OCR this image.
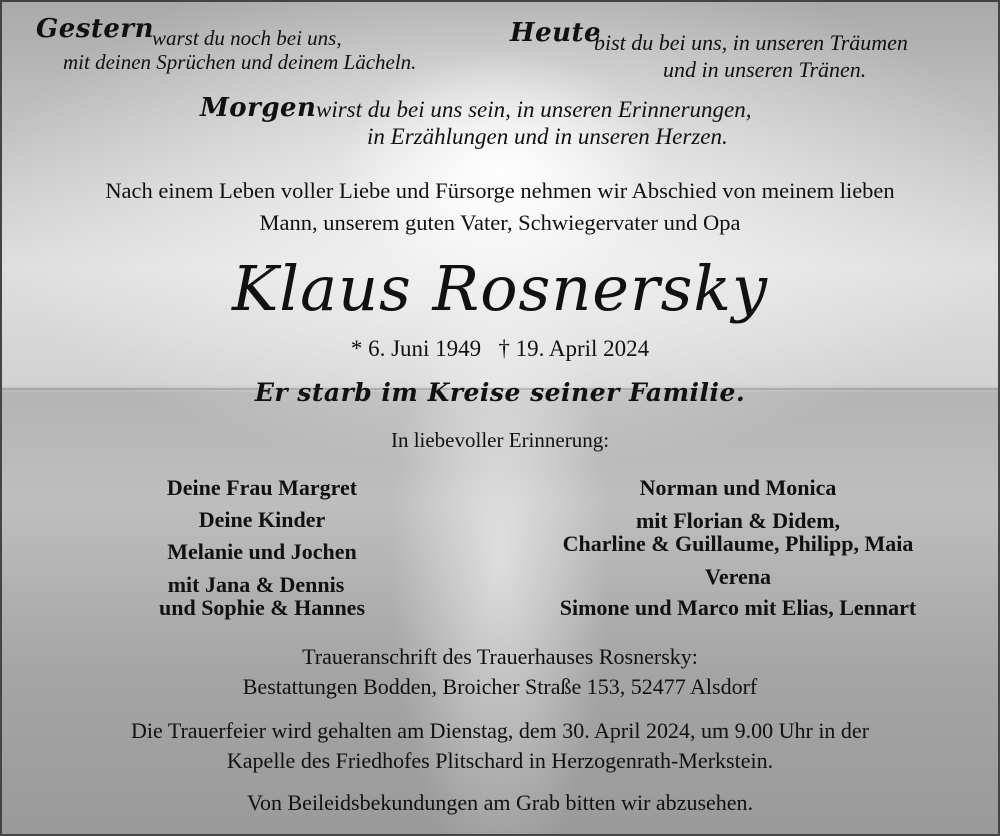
Gestern
warst du noch bei uns,
mit deinen Sprüchen und deinem Lächeln.
Heute
bist du bei uns, in unseren Träumen
und in unseren Tränen.
Morgen wirst du bei uns sein, in unseren Erinnerungen,
in Erzählungen und in unseren Herzen.
Nach einem Leben voller Liebe und Fürsorge nehmen wir Abschied von meinem lieben
Mann, unserem guten Vater, Schwiegervater und Opa
Klaus Rosnersky
* 6. Juni 1949   † 19. April 2024
Er starb im Kreise seiner Familie.
In liebevoller Erinnerung:
Deine Frau Margret
Deine Kinder
Melanie und Jochen
mit Jana & Dennis
und Sophie & Hannes
Norman und Monica
mit Florian & Didem,
Charline & Guillaume, Philipp, Maia
Verena
Simone und Marco mit Elias, Lennart
Traueranschrift des Trauerhauses Rosnersky:
Bestattungen Bodden, Broicher Straße 153, 52477 Alsdorf
Die Trauerfeier wird gehalten am Dienstag, dem 30. April 2024, um 9.00 Uhr in der
Kapelle des Friedhofes Plitschard in Herzogenrath-Merkstein.
Von Beileidsbekundungen am Grab bitten wir abzusehen.
